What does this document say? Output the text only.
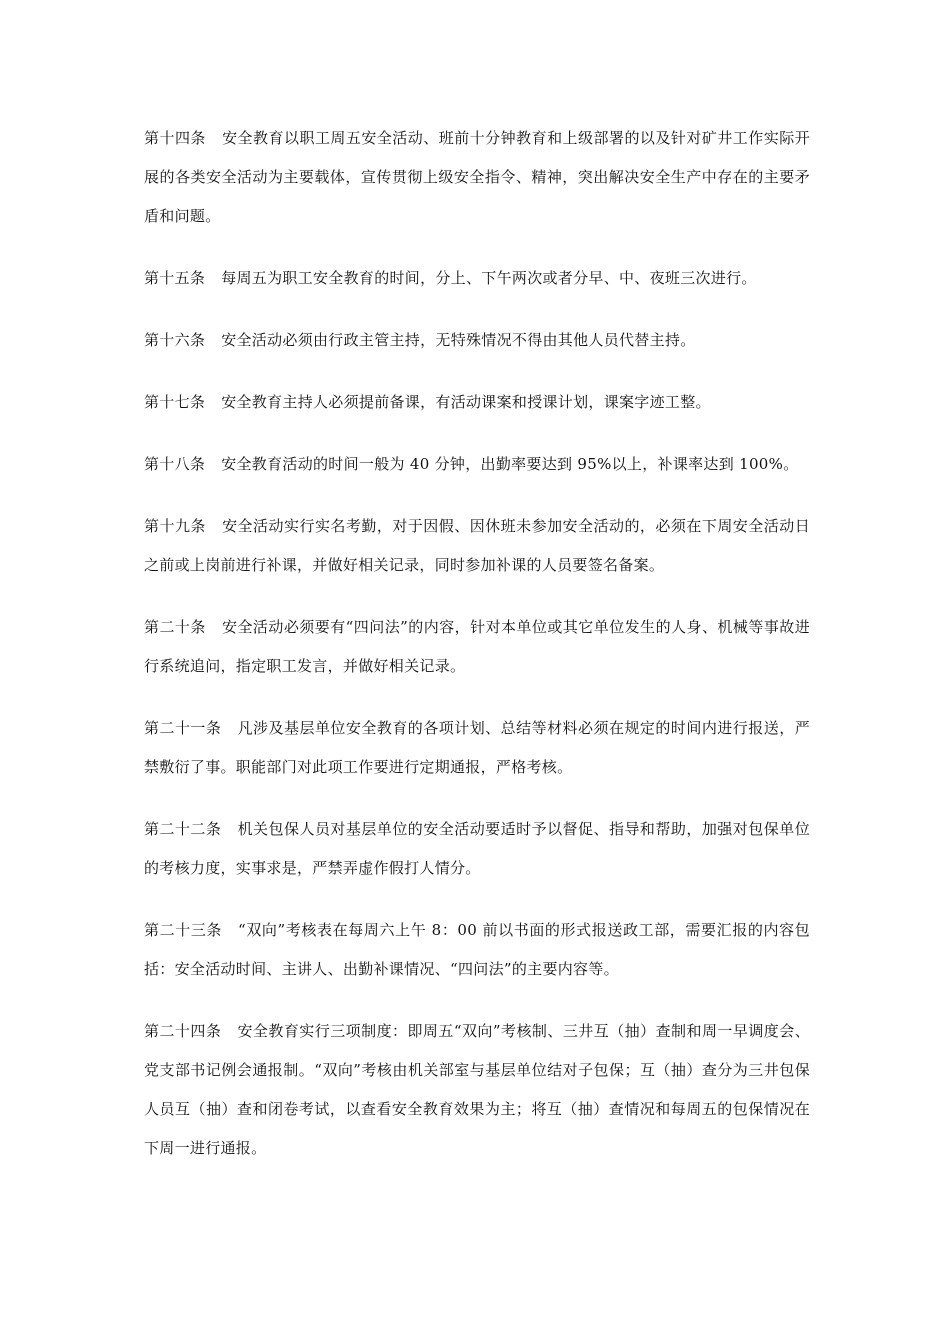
第十四条 安全教育以职工周五安全活动、班前十分钟教育和上级部署的以及针对矿井工作实际开展的各类安全活动为主要载体，宣传贯彻上级安全指令、精神，突出解决安全生产中存在的主要矛盾和问题。

第十五条 每周五为职工安全教育的时间，分上、下午两次或者分早、中、夜班三次进行。

第十六条 安全活动必须由行政主管主持，无特殊情况不得由其他人员代替主持。

第十七条 安全教育主持人必须提前备课，有活动课案和授课计划，课案字迹工整。

第十八条 安全教育活动的时间一般为 40 分钟，出勤率要达到 95%以上，补课率达到 100%。

第十九条 安全活动实行实名考勤，对于因假、因休班未参加安全活动的，必须在下周安全活动日之前或上岗前进行补课，并做好相关记录，同时参加补课的人员要签名备案。

第二十条 安全活动必须要有“四问法”的内容，针对本单位或其它单位发生的人身、机械等事故进行系统追问，指定职工发言，并做好相关记录。

第二十一条 凡涉及基层单位安全教育的各项计划、总结等材料必须在规定的时间内进行报送，严禁敷衍了事。职能部门对此项工作要进行定期通报，严格考核。

第二十二条 机关包保人员对基层单位的安全活动要适时予以督促、指导和帮助，加强对包保单位的考核力度，实事求是，严禁弄虚作假打人情分。

第二十三条 “双向”考核表在每周六上午 8：00 前以书面的形式报送政工部，需要汇报的内容包括：安全活动时间、主讲人、出勤补课情况、“四问法”的主要内容等。

第二十四条 安全教育实行三项制度：即周五“双向”考核制、三井互（抽）查制和周一早调度会、党支部书记例会通报制。“双向”考核由机关部室与基层单位结对子包保；互（抽）查分为三井包保人员互（抽）查和闭卷考试，以查看安全教育效果为主；将互（抽）查情况和每周五的包保情况在下周一进行通报。
